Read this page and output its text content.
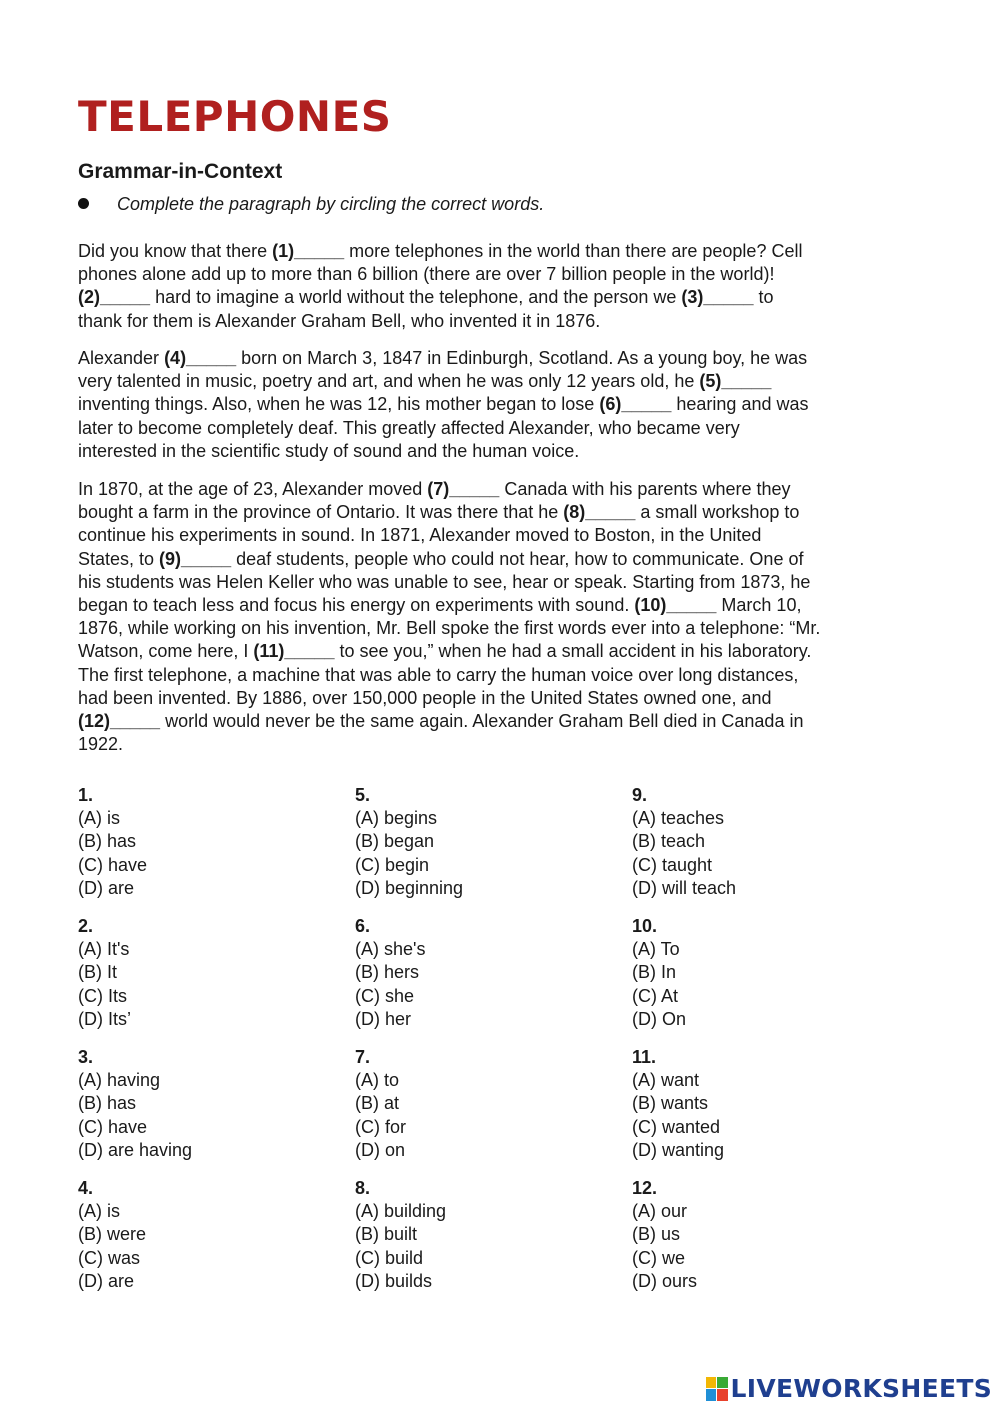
TELEPHONES
Grammar-in-Context
Complete the paragraph by circling the correct words.
Did you know that there (1)_____ more telephones in the world than there are people? Cell
phones alone add up to more than 6 billion (there are over 7 billion people in the world)!
(2)_____ hard to imagine a world without the telephone, and the person we (3)_____ to
thank for them is Alexander Graham Bell, who invented it in 1876.
Alexander (4)_____ born on March 3, 1847 in Edinburgh, Scotland. As a young boy, he was
very talented in music, poetry and art, and when he was only 12 years old, he (5)_____
inventing things. Also, when he was 12, his mother began to lose (6)_____ hearing and was
later to become completely deaf. This greatly affected Alexander, who became very
interested in the scientific study of sound and the human voice.
In 1870, at the age of 23, Alexander moved (7)_____ Canada with his parents where they
bought a farm in the province of Ontario. It was there that he (8)_____ a small workshop to
continue his experiments in sound. In 1871, Alexander moved to Boston, in the United
States, to (9)_____ deaf students, people who could not hear, how to communicate. One of
his students was Helen Keller who was unable to see, hear or speak. Starting from 1873, he
began to teach less and focus his energy on experiments with sound. (10)_____ March 10,
1876, while working on his invention, Mr. Bell spoke the first words ever into a telephone: “Mr.
Watson, come here, I (11)_____ to see you,” when he had a small accident in his laboratory.
The first telephone, a machine that was able to carry the human voice over long distances,
had been invented. By 1886, over 150,000 people in the United States owned one, and
(12)_____ world would never be the same again. Alexander Graham Bell died in Canada in
1922.
1.
(A) is
(B) has
(C) have
(D) are
2.
(A) It's
(B) It
(C) Its
(D) Its’
3.
(A) having
(B) has
(C) have
(D) are having
4.
(A) is
(B) were
(C) was
(D) are
5.
(A) begins
(B) began
(C) begin
(D) beginning
6.
(A) she's
(B) hers
(C) she
(D) her
7.
(A) to
(B) at
(C) for
(D) on
8.
(A) building
(B) built
(C) build
(D) builds
9.
(A) teaches
(B) teach
(C) taught
(D) will teach
10.
(A) To
(B) In
(C) At
(D) On
11.
(A) want
(B) wants
(C) wanted
(D) wanting
12.
(A) our
(B) us
(C) we
(D) ours
LIVEWORKSHEETS
